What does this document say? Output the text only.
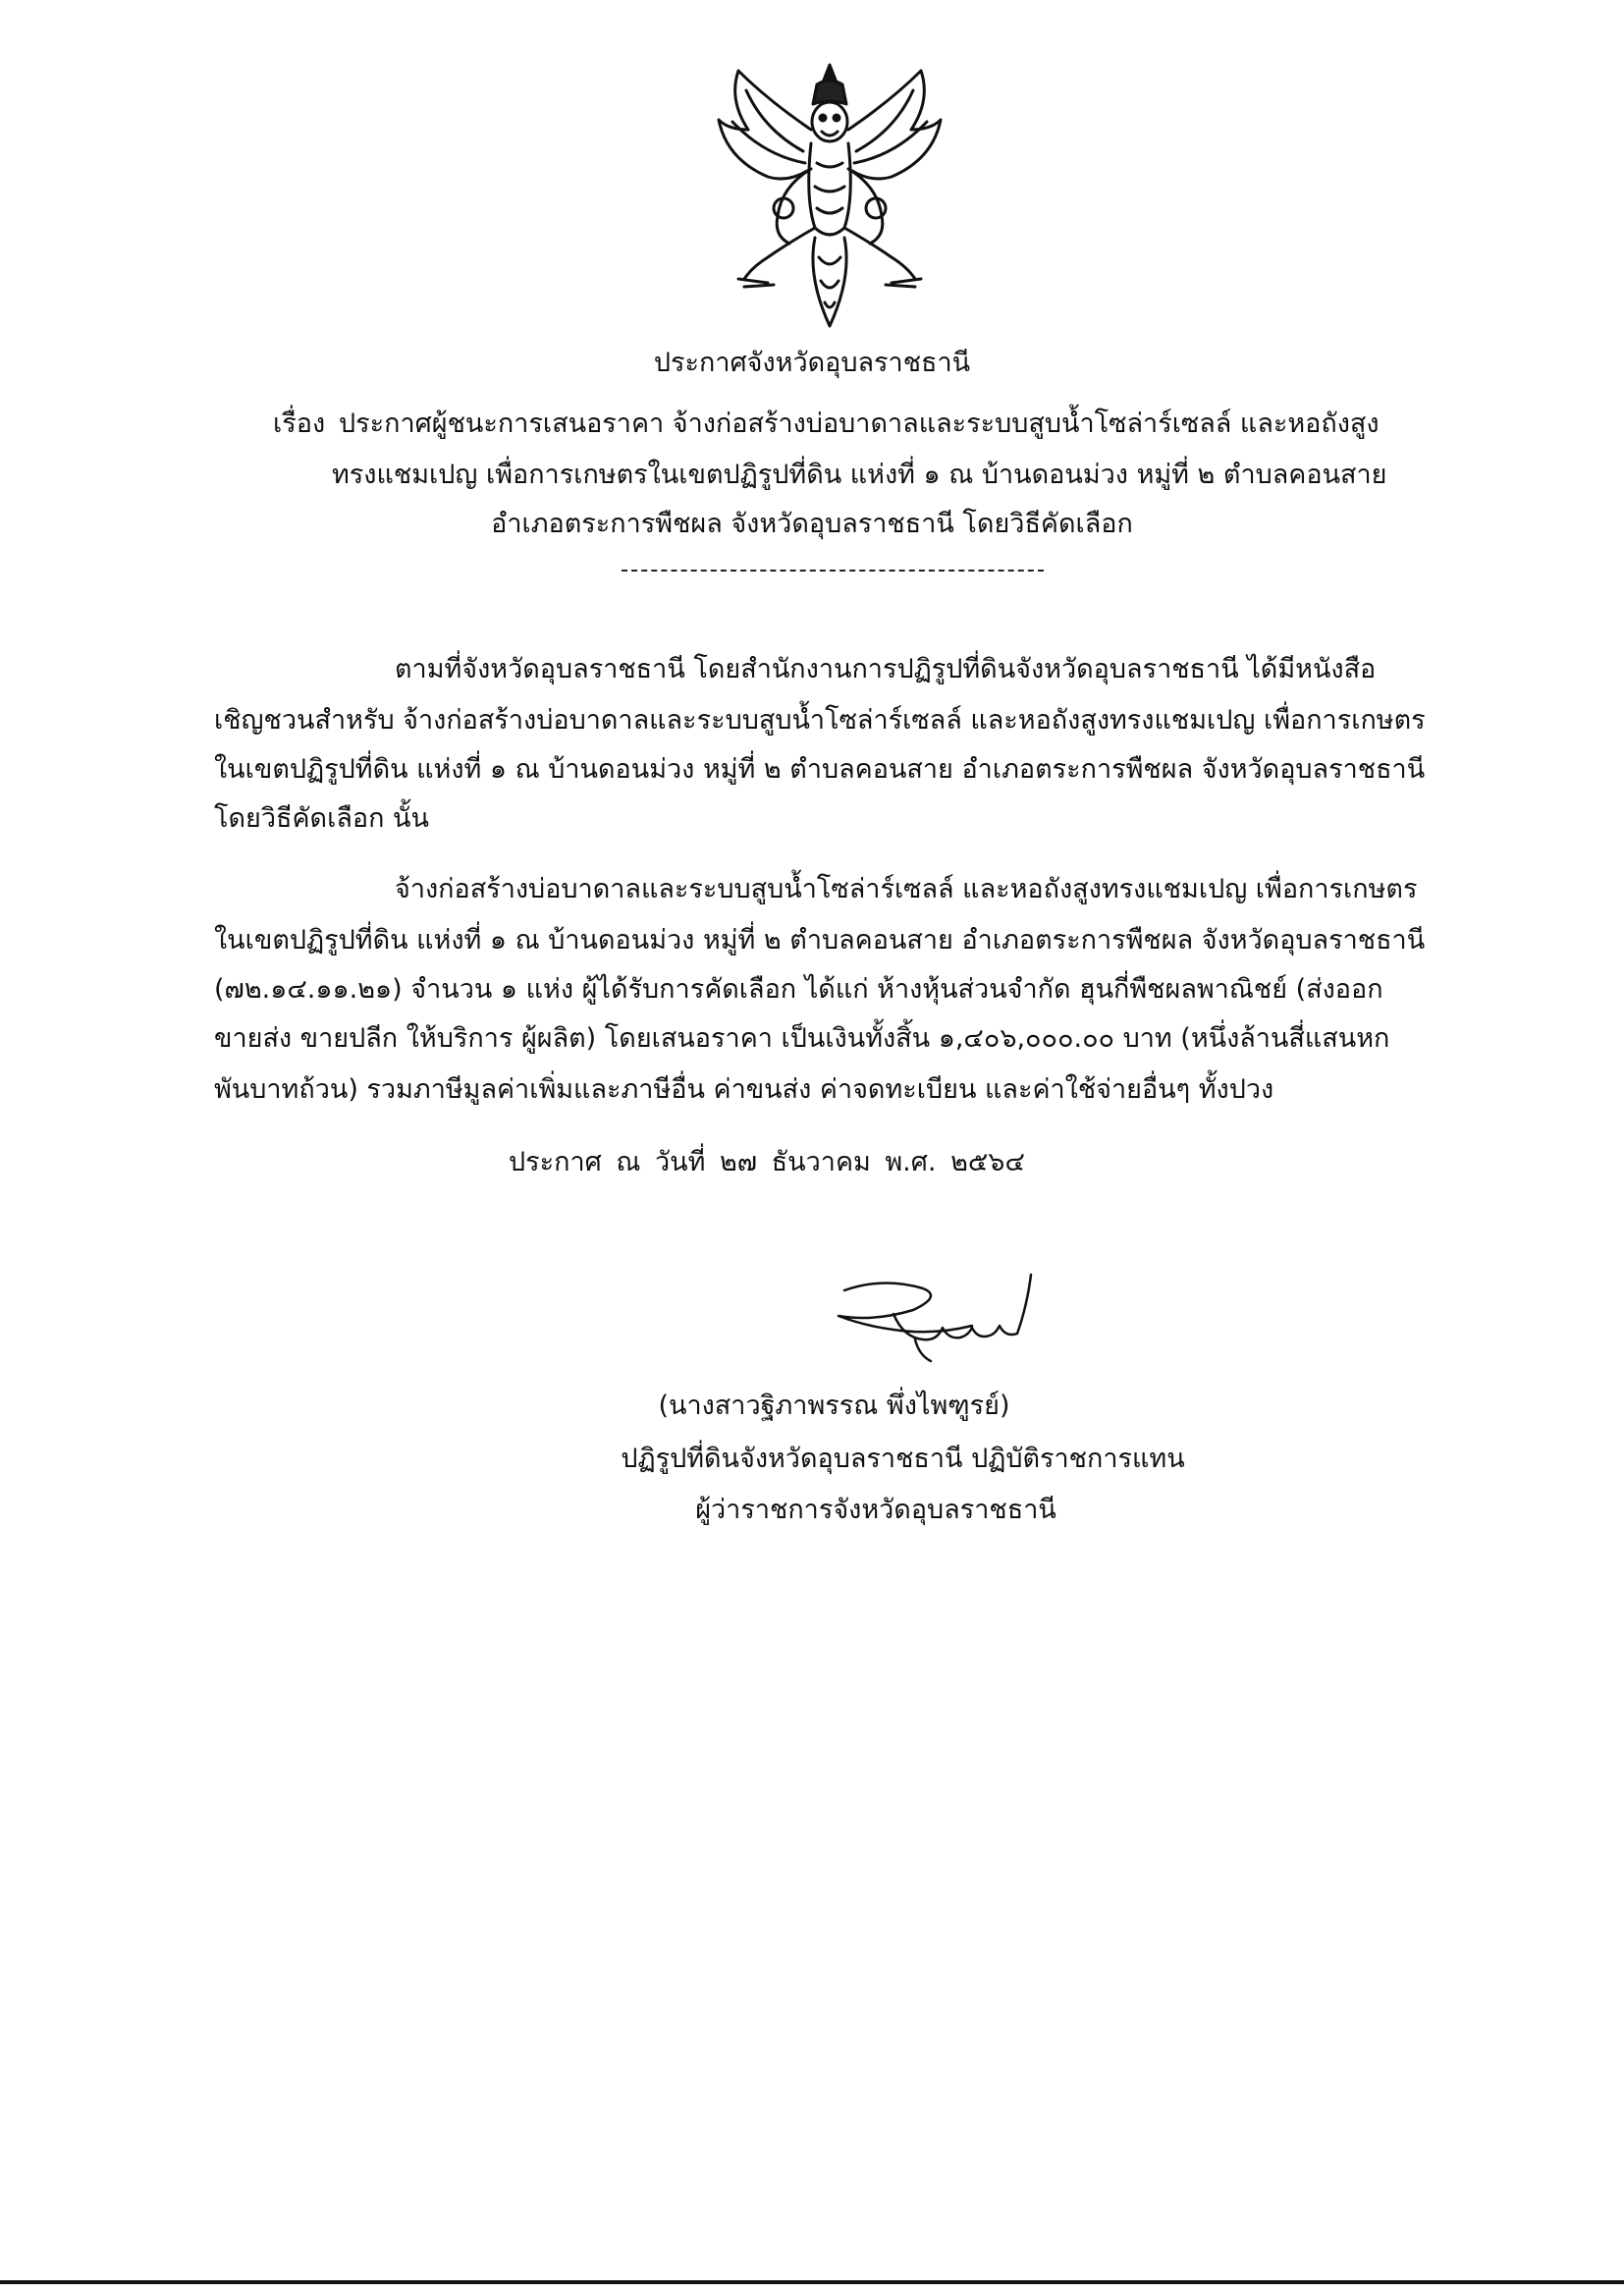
ประกาศจังหวัดอุบลราชธานี
เรื่อง ประกาศผู้ชนะการเสนอราคา จ้างก่อสร้างบ่อบาดาลและระบบสูบน้ำโซล่าร์เซลล์ และหอถังสูง
ทรงแชมเปญ เพื่อการเกษตรในเขตปฏิรูปที่ดิน แห่งที่ ๑ ณ บ้านดอนม่วง หมู่ที่ ๒ ตำบลคอนสาย
อำเภอตระการพืชผล จังหวัดอุบลราชธานี โดยวิธีคัดเลือก
ตามที่จังหวัดอุบลราชธานี โดยสำนักงานการปฏิรูปที่ดินจังหวัดอุบลราชธานี ได้มีหนังสือ
เชิญชวนสำหรับ จ้างก่อสร้างบ่อบาดาลและระบบสูบน้ำโซล่าร์เซลล์ และหอถังสูงทรงแชมเปญ เพื่อการเกษตร
ในเขตปฏิรูปที่ดิน แห่งที่ ๑ ณ บ้านดอนม่วง หมู่ที่ ๒ ตำบลคอนสาย อำเภอตระการพืชผล จังหวัดอุบลราชธานี
โดยวิธีคัดเลือก นั้น
จ้างก่อสร้างบ่อบาดาลและระบบสูบน้ำโซล่าร์เซลล์ และหอถังสูงทรงแชมเปญ เพื่อการเกษตร
ในเขตปฏิรูปที่ดิน แห่งที่ ๑ ณ บ้านดอนม่วง หมู่ที่ ๒ ตำบลคอนสาย อำเภอตระการพืชผล จังหวัดอุบลราชธานี
(๗๒.๑๔.๑๑.๒๑) จำนวน ๑ แห่ง ผู้ได้รับการคัดเลือก ได้แก่ ห้างหุ้นส่วนจำกัด ฮุนกี่พืชผลพาณิชย์ (ส่งออก
ขายส่ง ขายปลีก ให้บริการ ผู้ผลิต) โดยเสนอราคา เป็นเงินทั้งสิ้น ๑,๔๐๖,๐๐๐.๐๐ บาท (หนึ่งล้านสี่แสนหก
พันบาทถ้วน) รวมภาษีมูลค่าเพิ่มและภาษีอื่น ค่าขนส่ง ค่าจดทะเบียน และค่าใช้จ่ายอื่นๆ ทั้งปวง
ประกาศ ณ วันที่ ๒๗ ธันวาคม พ.ศ. ๒๕๖๔
(นางสาวฐิภาพรรณ พึ่งไพฑูรย์)
ปฏิรูปที่ดินจังหวัดอุบลราชธานี ปฏิบัติราชการแทน
ผู้ว่าราชการจังหวัดอุบลราชธานี
